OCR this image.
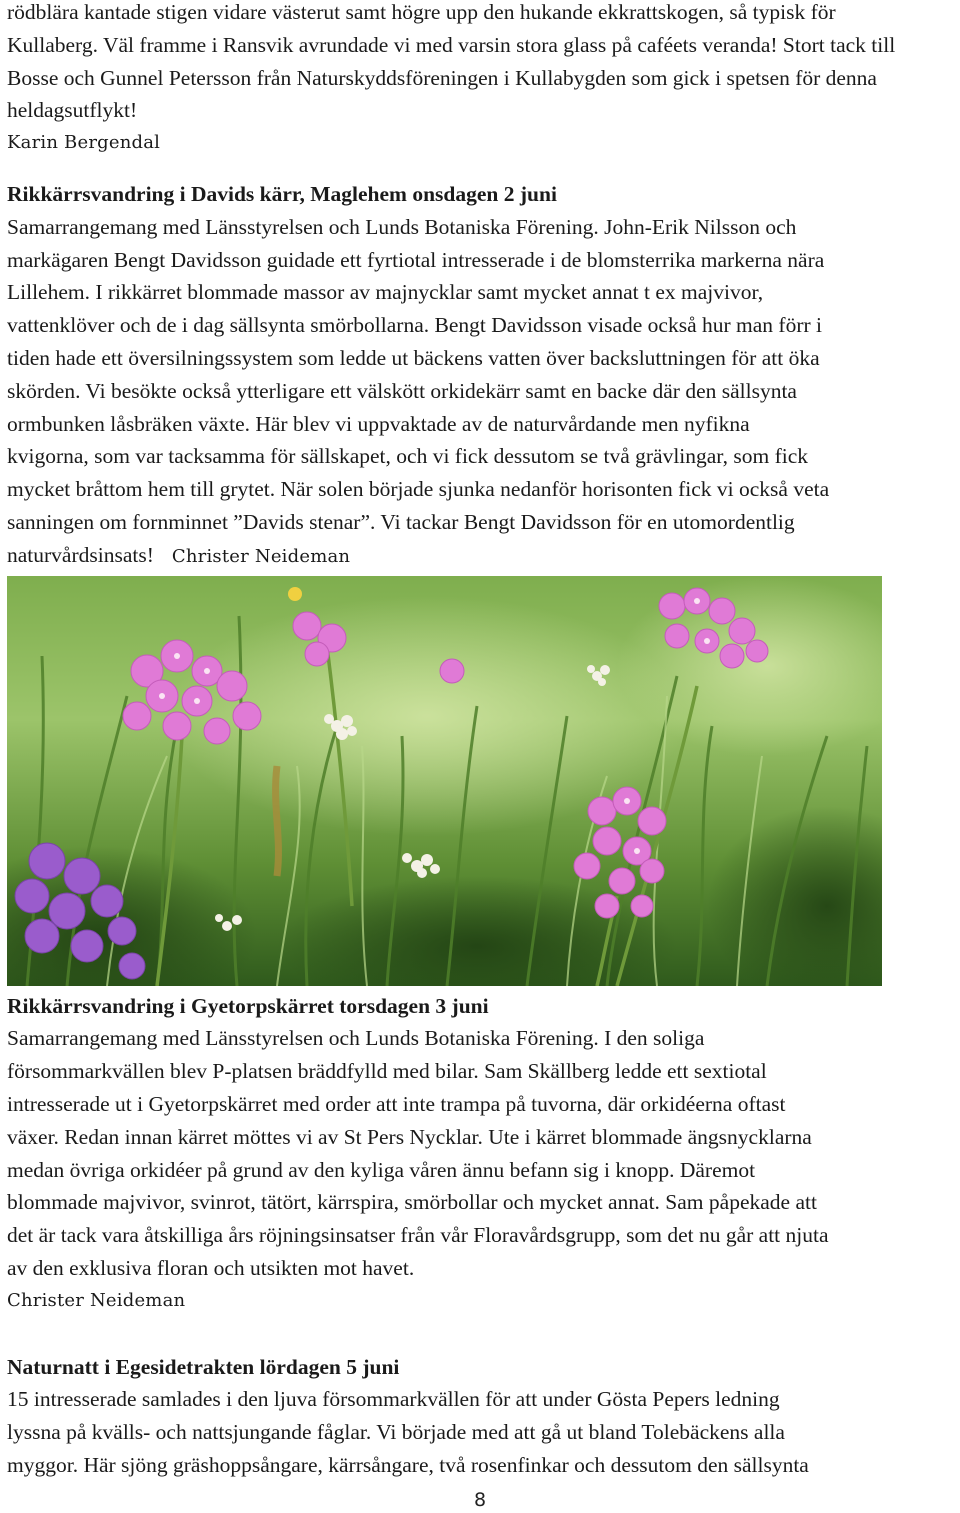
rödblära kantade stigen vidare västerut samt högre upp den hukande ekkrattskogen, så typisk för

Kullaberg. Väl framme i Ransvik avrundade vi med varsin stora glass på caféets veranda! Stort tack till

Bosse och Gunnel Petersson från Naturskyddsföreningen i Kullabygden som gick i spetsen för denna

heldagsutflykt!

Karin Bergendal
Rikkärrsvandring i Davids kärr, Maglehem onsdagen 2 juni

Samarrangemang med Länsstyrelsen och Lunds Botaniska Förening. John-Erik Nilsson och

markägaren Bengt Davidsson guidade ett fyrtiotal intresserade i de blomsterrika markerna nära

Lillehem. I rikkärret blommade massor av majnycklar samt mycket annat t ex majvivor,

vattenklöver och de i dag sällsynta smörbollarna. Bengt Davidsson visade också hur man förr i

tiden hade ett översilningssystem som ledde ut bäckens vatten över backsluttningen för att öka

skörden. Vi besökte också ytterligare ett välskött orkidekärr samt en backe där den sällsynta

ormbunken låsbräken växte. Här blev vi uppvaktade av de naturvårdande men nyfikna

kvigorna, som var tacksamma för sällskapet, och vi fick dessutom se två grävlingar, som fick

mycket bråttom hem till grytet. När solen började sjunka nedanför horisonten fick vi också veta

sanningen om fornminnet ”Davids stenar”. Vi tackar Bengt Davidsson för en utomordentlig

naturvårdsinsats! Christer Neideman

Rikkärrsvandring i Gyetorpskärret torsdagen 3 juni

Samarrangemang med Länsstyrelsen och Lunds Botaniska Förening. I den soliga

försommarkvällen blev P-platsen bräddfylld med bilar. Sam Skällberg ledde ett sextiotal

intresserade ut i Gyetorpskärret med order att inte trampa på tuvorna, där orkidéerna oftast

växer. Redan innan kärret möttes vi av St Pers Nycklar. Ute i kärret blommade ängsnycklarna

medan övriga orkidéer på grund av den kyliga våren ännu befann sig i knopp. Däremot

blommade majvivor, svinrot, tätört, kärrspira, smörbollar och mycket annat. Sam påpekade att

det är tack vara åtskilliga års röjningsinsatser från vår Floravårdsgrupp, som det nu går att njuta

av den exklusiva floran och utsikten mot havet.

Christer Neideman
Naturnatt i Egesidetrakten lördagen 5 juni

15 intresserade samlades i den ljuva försommarkvällen för att under Gösta Pepers ledning

lyssna på kvälls- och nattsjungande fåglar. Vi började med att gå ut bland Tolebäckens alla

myggor. Här sjöng gräshoppsångare, kärrsångare, två rosenfinkar och dessutom den sällsynta

8
